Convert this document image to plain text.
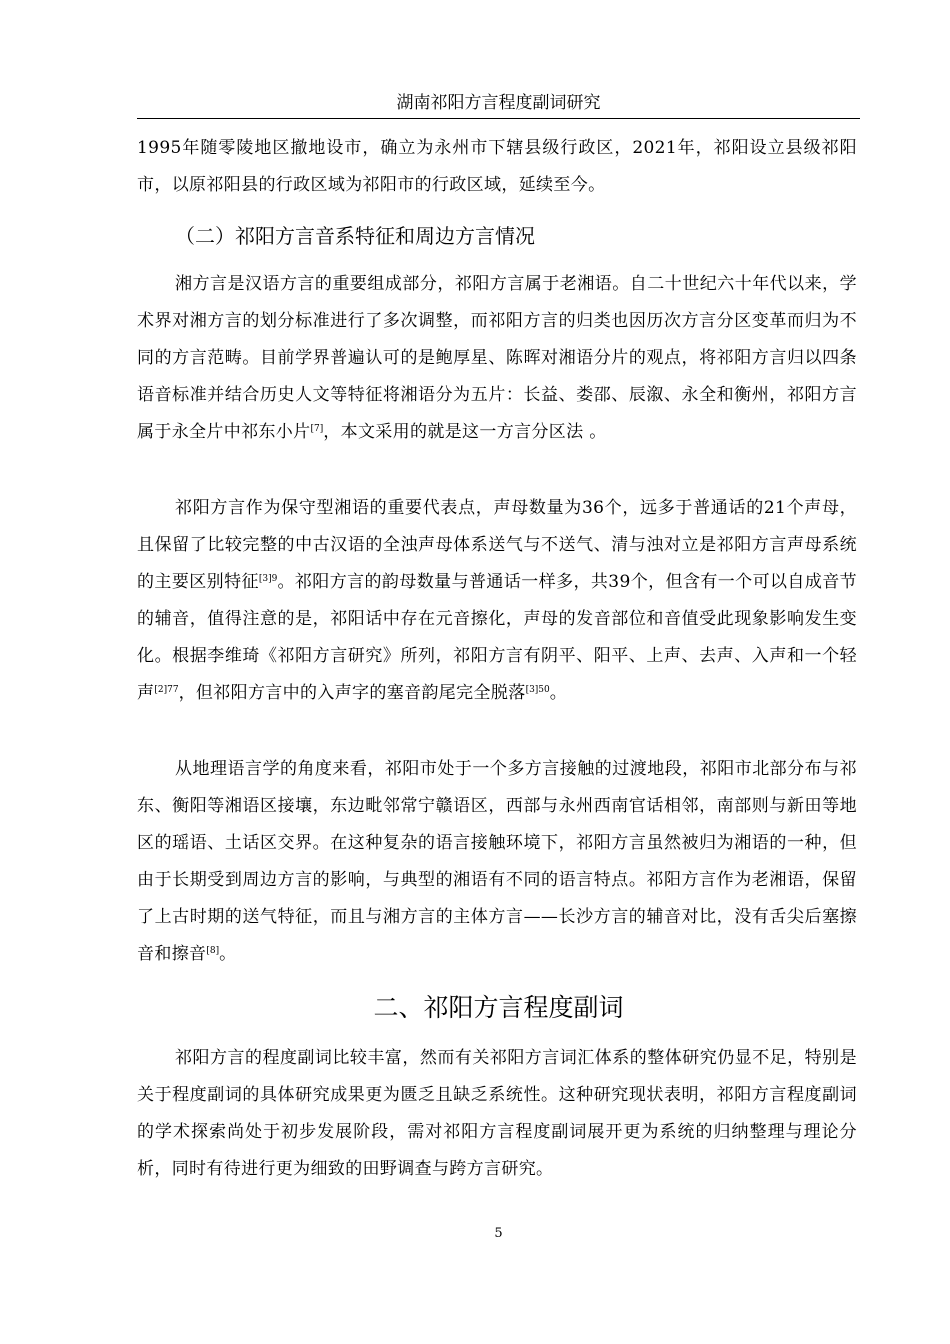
湖南祁阳方言程度副词研究

1995年随零陵地区撤地设市，确立为永州市下辖县级行政区，2021年，祁阳设立县级祁阳市，以原祁阳县的行政区域为祁阳市的行政区域，延续至今。

（二）祁阳方言音系特征和周边方言情况

湘方言是汉语方言的重要组成部分，祁阳方言属于老湘语。自二十世纪六十年代以来，学术界对湘方言的划分标准进行了多次调整，而祁阳方言的归类也因历次方言分区变革而归为不同的方言范畴。目前学界普遍认可的是鲍厚星、陈晖对湘语分片的观点，将祁阳方言归以四条语音标准并结合历史人文等特征将湘语分为五片：长益、娄邵、辰溆、永全和衡州，祁阳方言属于永全片中祁东小片[7]，本文采用的就是这一方言分区法 。

祁阳方言作为保守型湘语的重要代表点，声母数量为36个，远多于普通话的21个声母，且保留了比较完整的中古汉语的全浊声母体系送气与不送气、清与浊对立是祁阳方言声母系统的主要区别特征$^{[3]9}$。祁阳方言的韵母数量与普通话一样多，共39个，但含有一个可以自成音节的辅音，值得注意的是，祁阳话中存在元音擦化，声母的发音部位和音值受此现象影响发生变化。根据李维琦《祁阳方言研究》所列，祁阳方言有阴平、阳平、上声、去声、入声和一个轻声$^{[2]77}$，但祁阳方言中的入声字的塞音韵尾完全脱落$^{[3]50}$。

从地理语言学的角度来看，祁阳市处于一个多方言接触的过渡地段，祁阳市北部分布与祁东、衡阳等湘语区接壤，东边毗邻常宁赣语区，西部与永州西南官话相邻，南部则与新田等地区的瑶语、土话区交界。在这种复杂的语言接触环境下，祁阳方言虽然被归为湘语的一种，但由于长期受到周边方言的影响，与典型的湘语有不同的语言特点。祁阳方言作为老湘语，保留了上古时期的送气特征，而且与湘方言的主体方言——长沙方言的辅音对比，没有舌尖后塞擦音和擦音[8]。

二、祁阳方言程度副词

祁阳方言的程度副词比较丰富，然而有关祁阳方言词汇体系的整体研究仍显不足，特别是关于程度副词的具体研究成果更为匮乏且缺乏系统性。这种研究现状表明，祁阳方言程度副词的学术探索尚处于初步发展阶段，需对祁阳方言程度副词展开更为系统的归纳整理与理论分析，同时有待进行更为细致的田野调查与跨方言研究。

5
